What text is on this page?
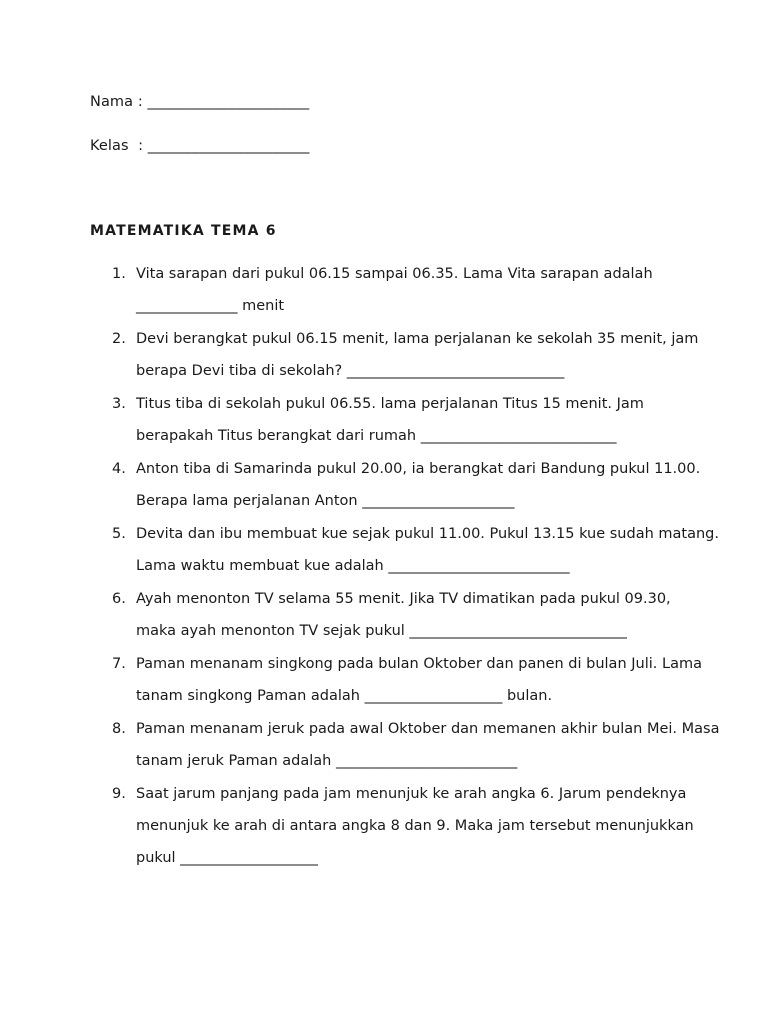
Nama : ______________________
Kelas  : ______________________
MATEMATIKA TEMA 6
1. Vita sarapan dari pukul 06.15 sampai 06.35. Lama Vita sarapan adalah
______________ menit
2. Devi berangkat pukul 06.15 menit, lama perjalanan ke sekolah 35 menit, jam
berapa Devi tiba di sekolah? ______________________________
3. Titus tiba di sekolah pukul 06.55. lama perjalanan Titus 15 menit. Jam
berapakah Titus berangkat dari rumah ___________________________
4. Anton tiba di Samarinda pukul 20.00, ia berangkat dari Bandung pukul 11.00.
Berapa lama perjalanan Anton _____________________
5. Devita dan ibu membuat kue sejak pukul 11.00. Pukul 13.15 kue sudah matang.
Lama waktu membuat kue adalah _________________________
6. Ayah menonton TV selama 55 menit. Jika TV dimatikan pada pukul 09.30,
maka ayah menonton TV sejak pukul ______________________________
7. Paman menanam singkong pada bulan Oktober dan panen di bulan Juli. Lama
tanam singkong Paman adalah ___________________ bulan.
8. Paman menanam jeruk pada awal Oktober dan memanen akhir bulan Mei. Masa
tanam jeruk Paman adalah _________________________
9. Saat jarum panjang pada jam menunjuk ke arah angka 6. Jarum pendeknya
menunjuk ke arah di antara angka 8 dan 9. Maka jam tersebut menunjukkan
pukul ___________________
